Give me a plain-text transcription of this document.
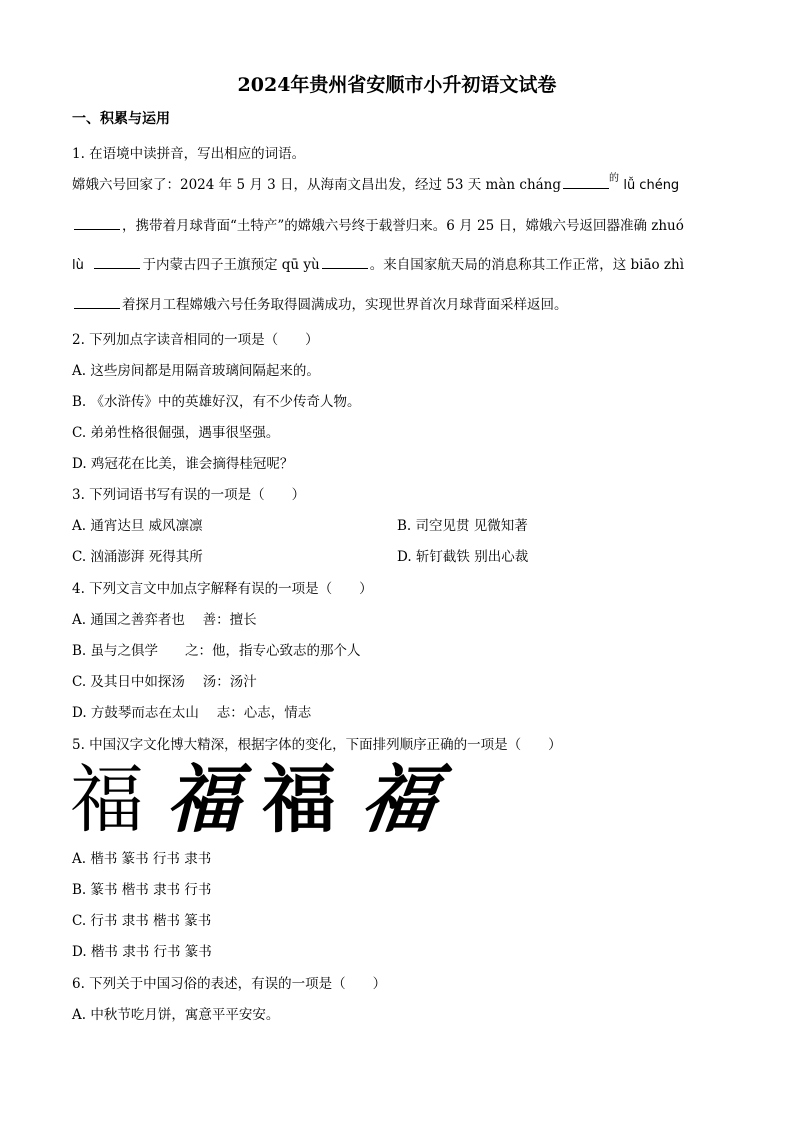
2024年贵州省安顺市小升初语文试卷
一、积累与运用
1. 在语境中读拼音，写出相应的词语。
嫦娥六号回家了：2024 年 5 月 3 日，从海南文昌出发，经过 53 天 màn cháng	$^的$ lǚ chéng
，携带着月球背面“土特产”的嫦娥六号终于载誉归来。6 月 25 日，嫦娥六号返回器准确 zhuó
lù	于内蒙古四子王旗预定 qū yù	。来自国家航天局的消息称其工作正常，这 biāo zhì
着探月工程嫦娥六号任务取得圆满成功，实现世界首次月球背面采样返回。
2. 下列加点字读音相同的一项是（　　）
A. 这些房间都是用隔音玻璃间隔起来的。
B. 《水浒传》中的英雄好汉，有不少传奇人物。
C. 弟弟性格很倔强，遇事很坚强。
D. 鸡冠花在比美，谁会摘得桂冠呢？
3. 下列词语书写有误的一项是（　　）
A. 通宵达旦 威风凛凛	B. 司空见贯 见微知著
C. 汹涌澎湃 死得其所	D. 斩钉截铁 别出心裁
4. 下列文言文中加点字解释有误的一项是（　　）
A. 通国之善弈者也　 善：擅长
B. 虽与之俱学　　之：他，指专心致志的那个人
C. 及其日中如探汤　 汤：汤汁
D. 方鼓琴而志在太山　 志：心志，情志
5. 中国汉字文化博大精深，根据字体的变化，下面排列顺序正确的一项是（　　）
福 福 福 福
A. 楷书 篆书 行书 隶书
B. 篆书 楷书 隶书 行书
C. 行书 隶书 楷书 篆书
D. 楷书 隶书 行书 篆书
6. 下列关于中国习俗的表述，有误的一项是（　　）
A. 中秋节吃月饼，寓意平平安安。
